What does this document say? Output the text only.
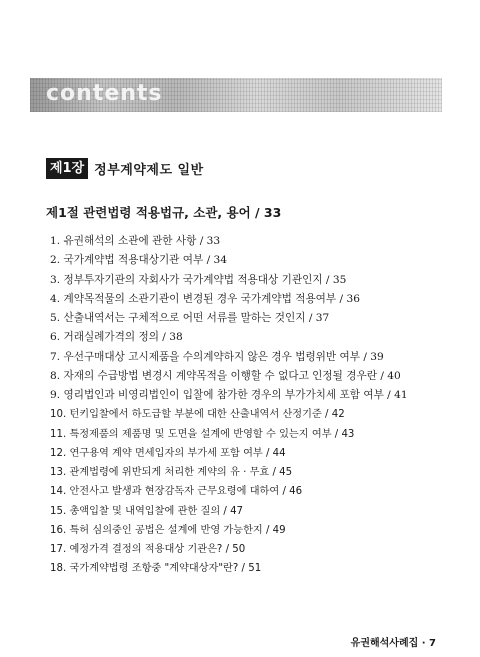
contents
제1장 정부계약제도 일반
제1절 관련법령 적용법규, 소관, 용어 / 33
1. 유권해석의 소관에 관한 사항 / 33
2. 국가계약법 적용대상기관 여부 / 34
3. 정부투자기관의 자회사가 국가계약법 적용대상 기관인지 / 35
4. 계약목적물의 소관기관이 변경된 경우 국가계약법 적용여부 / 36
5. 산출내역서는 구체적으로 어떤 서류를 말하는 것인지 / 37
6. 거래실례가격의 정의 / 38
7. 우선구매대상 고시제품을 수의계약하지 않은 경우 법령위반 여부 / 39
8. 자재의 수급방법 변경시 계약목적을 이행할 수 없다고 인정될 경우란 / 40
9. 영리법인과 비영리법인이 입찰에 참가한 경우의 부가가치세 포함 여부 / 41
10. 턴키입찰에서 하도급할 부분에 대한 산출내역서 산정기준 / 42
11. 특정제품의 제품명 및 도면을 설계에 반영할 수 있는지 여부 / 43
12. 연구용역 계약 면세입자의 부가세 포함 여부 / 44
13. 관계법령에 위반되게 처리한 계약의 유 · 무효 / 45
14. 안전사고 발생과 현장감독자 근무요령에 대하여 / 46
15. 총액입찰 및 내역입찰에 관한 질의 / 47
16. 특허 심의중인 공법은 설계에 반영 가능한지 / 49
17. 예정가격 결정의 적용대상 기관은? / 50
18. 국가계약법령 조항중 "계약대상자"란? / 51
유권해석사례집 · 7
